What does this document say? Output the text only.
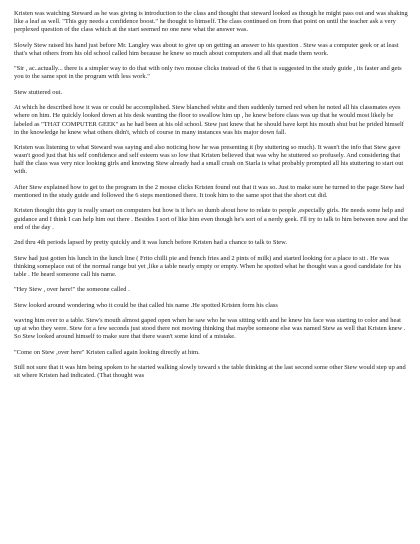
Kristen was watching Steward as he was giving is introduction to the class and thought that steward looked as though he might pass out and was shaking like a leaf as well. "This guy needs a confidence boost." he thought to himself. The class continued on from that point on until the teacher ask a very perplexed question of the class which at the start seemed no one new what the answer was.

Slowly Stew raised his hand just before Mr. Langley was about to give up on getting an answer to his question . Stew was a computer geek or at least that's what others from his old school called him because he knew so much about computers and all that made them work.

"Sir , ac..actually... there is a simpler way to do that with only two mouse clicks instead of the 6 that is suggested in the study guide , its faster and gets you to the same spot in the program with less work."

Stew stuttered out.

At which he described how it was or could be accomplished. Stew blanched white and then suddenly turned red when he noted all his classmates eyes where on him. He quickly looked down at his desk wanting the floor to swallow him up , he knew before class was up that he would most likely be labeled as "THAT COMPUTER GEEK" as he had been at his old school. Stew just knew that he should have kept his mouth shut but he prided himself in the knowledge he knew what others didn't, which of course in many instances was his major down fall.

Kristen was listening to what Steward was saying and also noticing how he was presenting it (by stuttering so much). It wasn't the info that Stew gave wasn't good just that his self confidence and self esteem was so low that Kristen believed that was why he stuttered so profusely. And considering that half the class was very nice looking girls and knowing Stew already had a small crush on Starla is what probably prompted all his stuttering to start out with.

After Stew explained how to get to the program in the 2 mouse clicks Kristen found out that it was so. Just to make sure he turned to the page Stew had mentioned in the study guide and followed the 6 steps mentioned there. It took him to the same spot that the short cut did.

Kristen thought this guy is really smart on computers but how is it he's so dumb about how to relate to people ,especially girls. He needs some help and guidance and I think I can help him out there . Besides I sort of like him even though he's sort of a nerdy geek. I'll try to talk to him between now and the end of the day .

2nd thru 4th periods lapsed by pretty quickly and it was lunch before Kristen had a chance to talk to Stew.

Stew had just gotten his lunch in the lunch line ( Frito chilli pie and french fries and 2 pints of milk) and started looking for a place to sit . He was thinking someplace out of the normal range but yet ,like a table nearly empty or empty. When he spotted what he thought was a good candidate for his table . He heard someone call his name.

"Hey Stew , over here!" the someone called .

Stew looked around wondering who it could be that called his name .He spotted Kristen form his class

waving him over to a table. Stew's mouth almost gaped open when he saw who he was sitting with and he knew his face was starting to color and heat up at who they were. Stew for a few seconds just stood there not moving thinking that maybe someone else was named Stew as well that Kristen knew . So Stew looked around himself to make sure that there wasn't some kind of a mistake.

"Come on Stew ,over here" Kristen called again looking directly at him.

Still not sure that it was him being spoken to he started walking slowly toward s the table thinking at the last second some other Stew would step up and sit where Kristen had indicated. (That thought was
